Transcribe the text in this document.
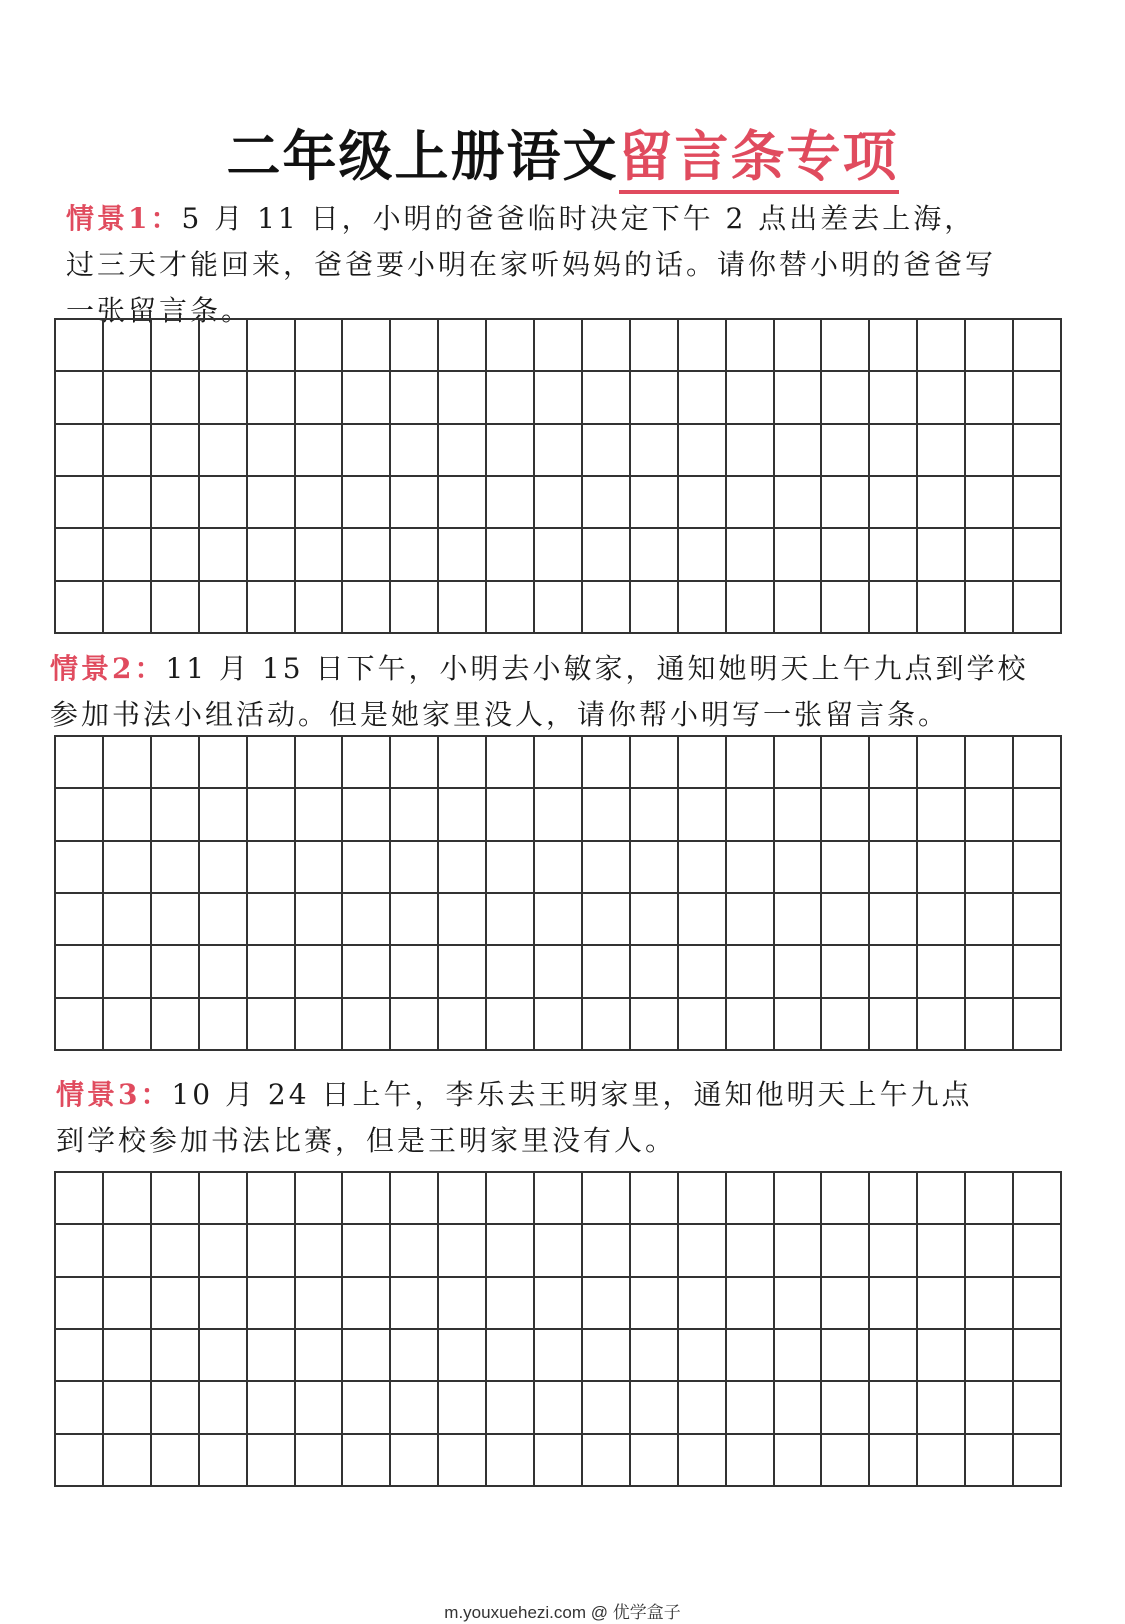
二年级上册语文留言条专项
情景1：5 月 11 日，小明的爸爸临时决定下午 2 点出差去上海，过三天才能回来，爸爸要小明在家听妈妈的话。请你替小明的爸爸写一张留言条。
情景2：11 月 15 日下午，小明去小敏家，通知她明天上午九点到学校参加书法小组活动。但是她家里没人，请你帮小明写一张留言条。
情景3：10 月 24 日上午，李乐去王明家里，通知他明天上午九点到学校参加书法比赛，但是王明家里没有人。
m.youxuehezi.com @ 优学盒子
